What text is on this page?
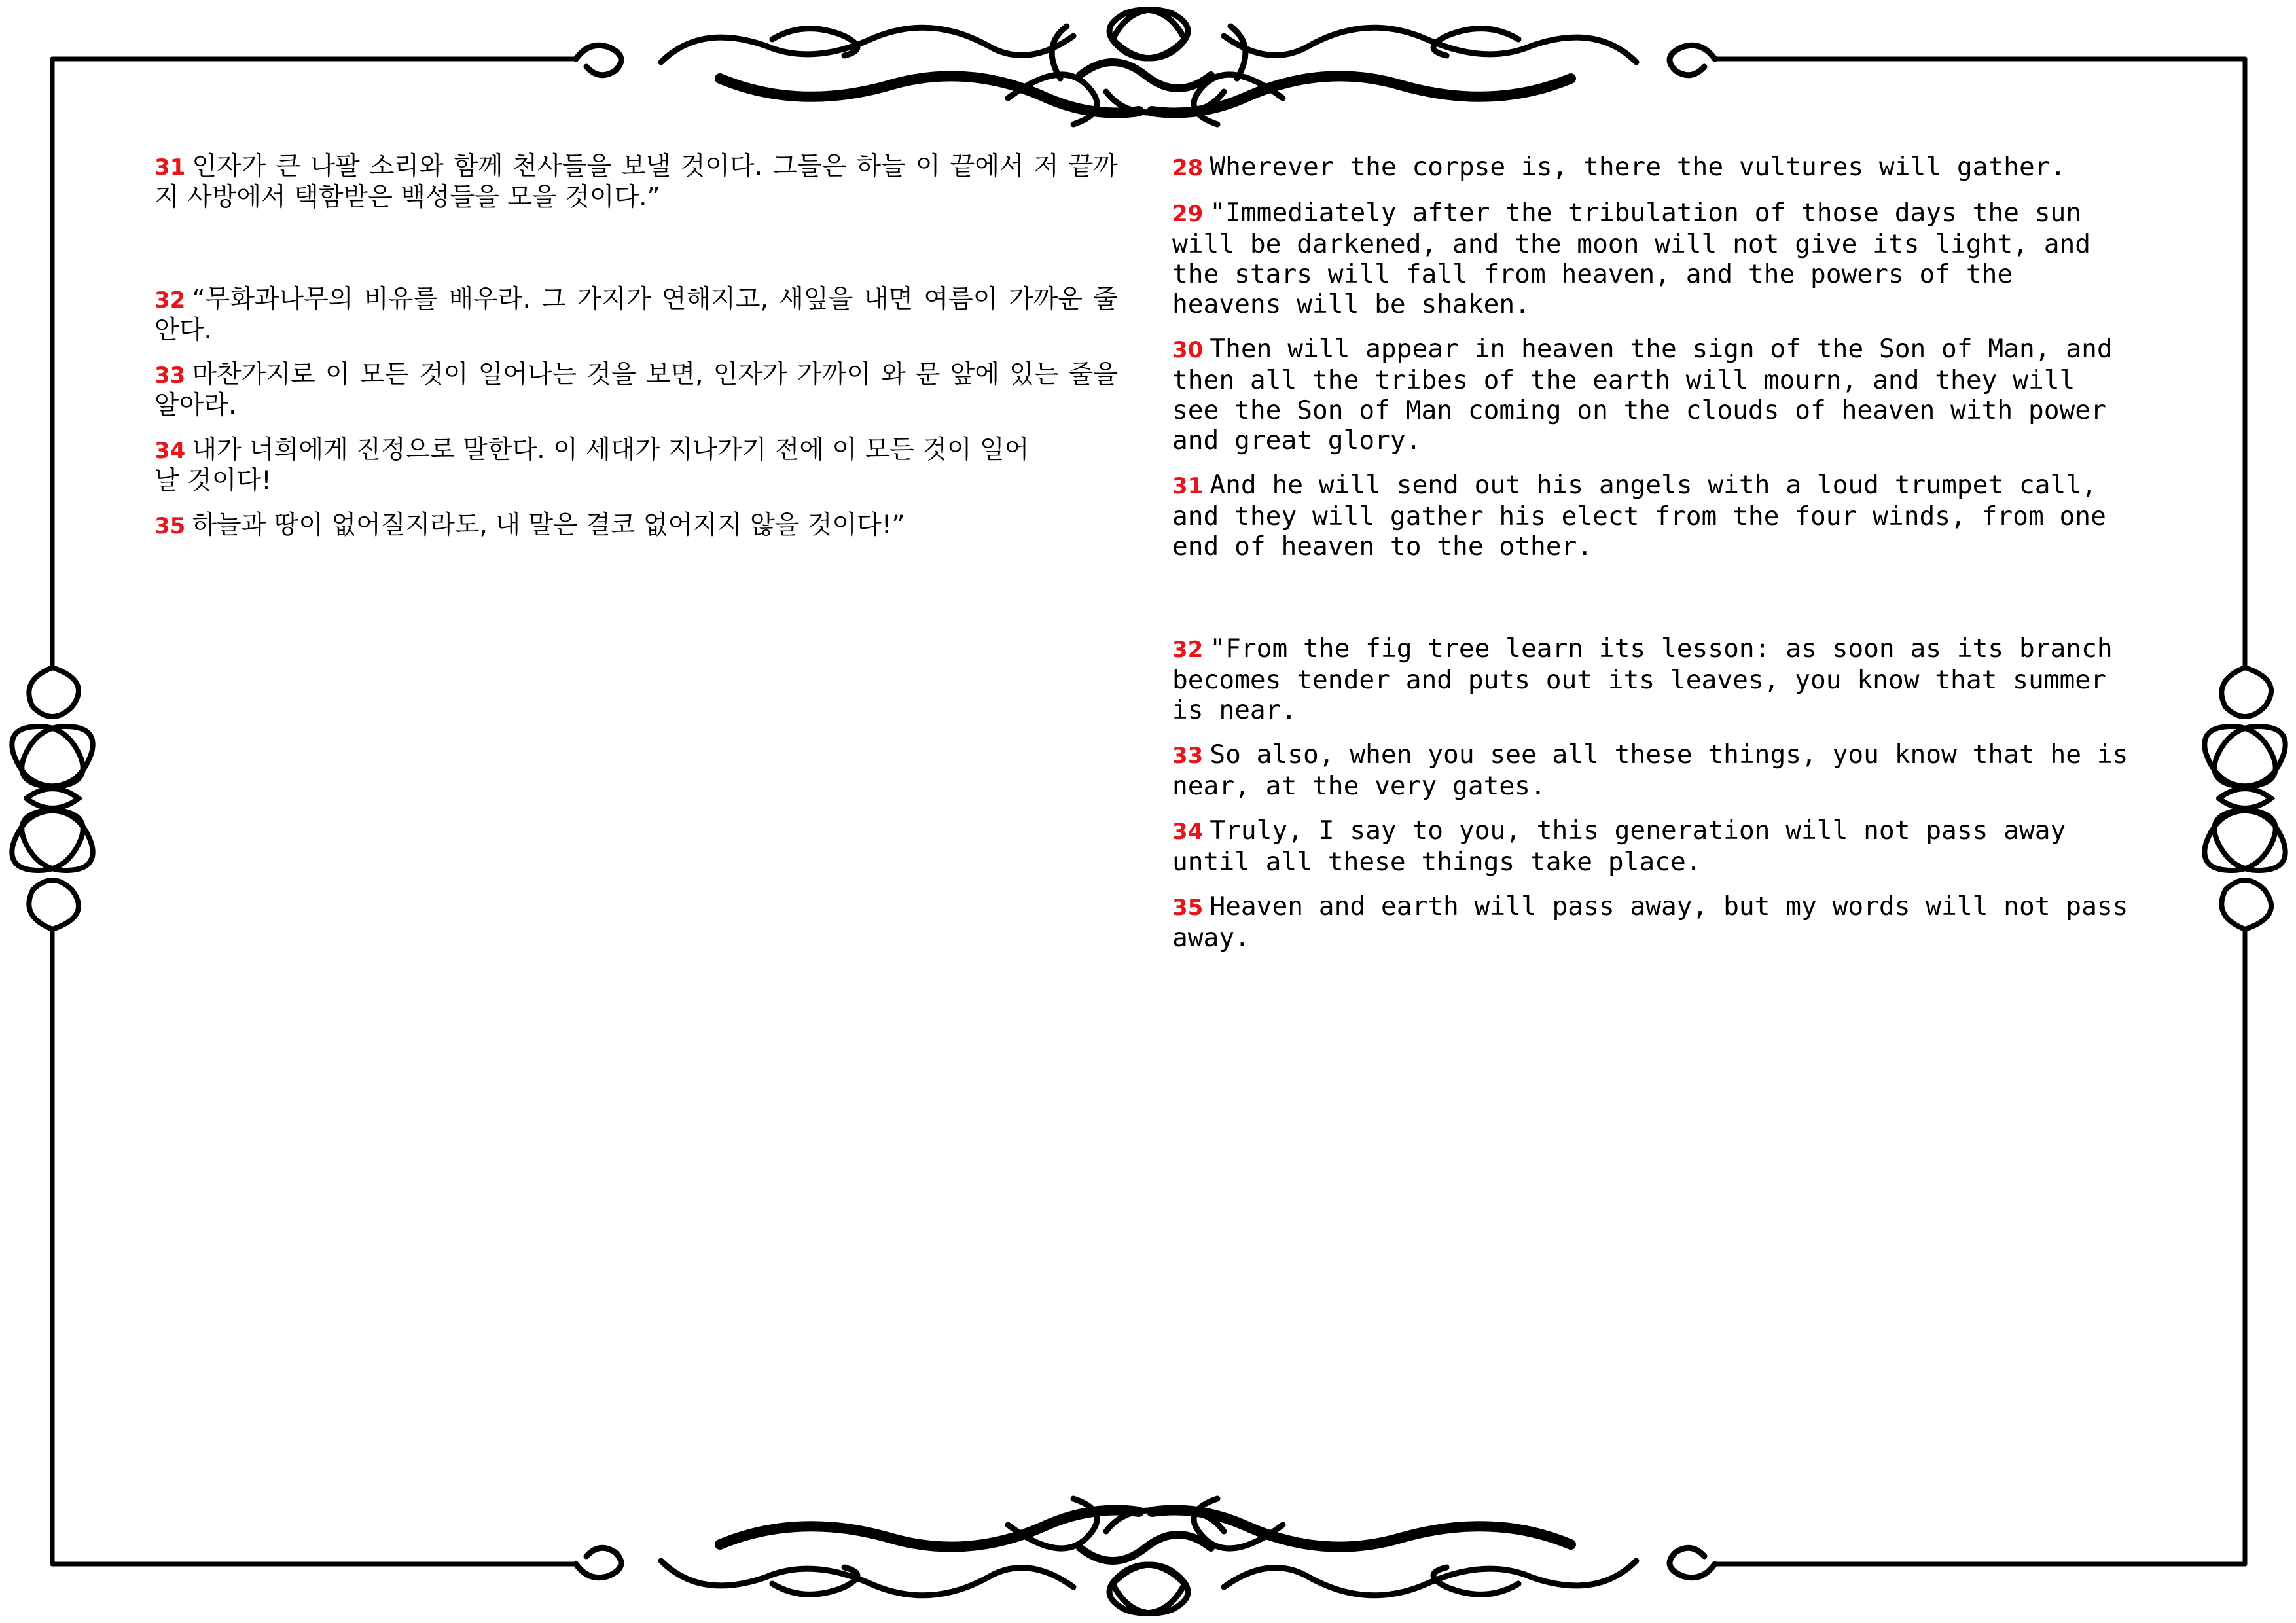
31 인자가 큰 나팔 소리와 함께 천사들을 보낼 것이다. 그들은 하늘 이 끝에서 저 끝까지 사방에서 택함받은 백성들을 모을 것이다.”

32 “무화과나무의 비유를 배우라. 그 가지가 연해지고, 새잎을 내면 여름이 가까운 줄 안다.

33 마찬가지로 이 모든 것이 일어나는 것을 보면, 인자가 가까이 와 문 앞에 있는 줄을 알아라.

34 내가 너희에게 진정으로 말한다. 이 세대가 지나가기 전에 이 모든 것이 일어날 것이다!

35 하늘과 땅이 없어질지라도, 내 말은 결코 없어지지 않을 것이다!”

28 Wherever the corpse is, there the vultures will gather.

29 "Immediately after the tribulation of those days the sun will be darkened, and the moon will not give its light, and the stars will fall from heaven, and the powers of the heavens will be shaken.

30 Then will appear in heaven the sign of the Son of Man, and then all the tribes of the earth will mourn, and they will see the Son of Man coming on the clouds of heaven with power and great glory.

31 And he will send out his angels with a loud trumpet call, and they will gather his elect from the four winds, from one end of heaven to the other.

32 "From the fig tree learn its lesson: as soon as its branch becomes tender and puts out its leaves, you know that summer is near.

33 So also, when you see all these things, you know that he is near, at the very gates.

34 Truly, I say to you, this generation will not pass away until all these things take place.

35 Heaven and earth will pass away, but my words will not pass away.
